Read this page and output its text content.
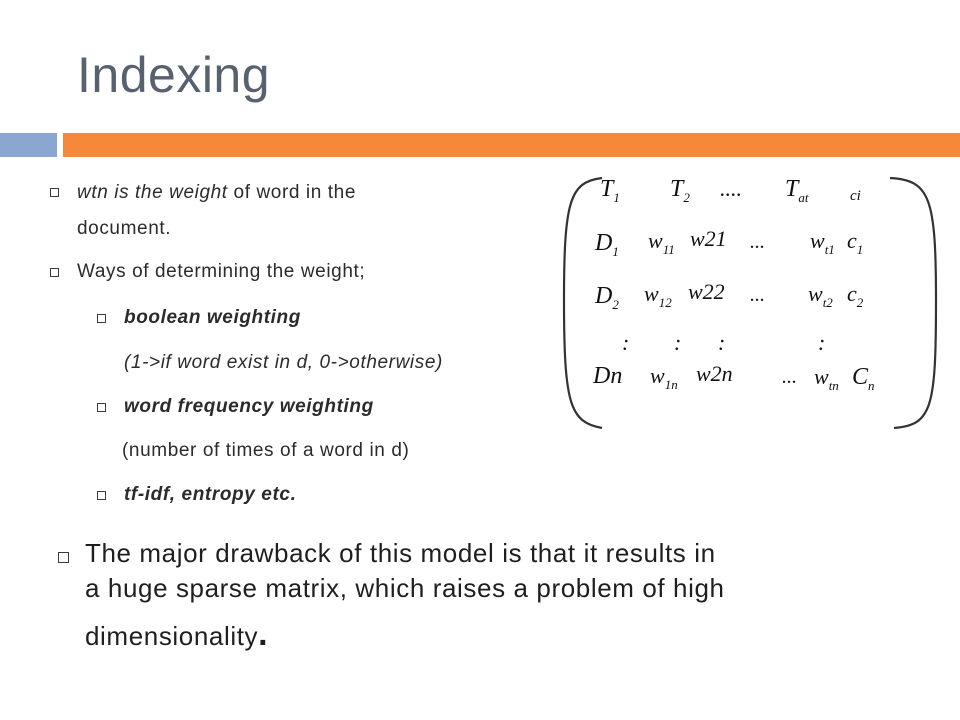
Indexing
wtn is the weight of word in the
document.
Ways of determining the weight;
boolean weighting
(1->if word exist in d, 0->otherwise)
word frequency weighting
(number of times of a word in d)
tf-idf, entropy etc.
The major drawback of this model is that it results in
a huge sparse matrix, which raises a problem of high
dimensionality.
$T_1$ $T_2$ .... $T_{at}$	ci
$D_1$ $w_{11}$ w21 ... $w_{t1}$ $c_1$
$D_2$ $w_{12}$ w22 ... $w_{t2}$ $c_2$
: : :	:
Dn $w_{1n}$ w2n ... $w_{tn}$ $C_n$
